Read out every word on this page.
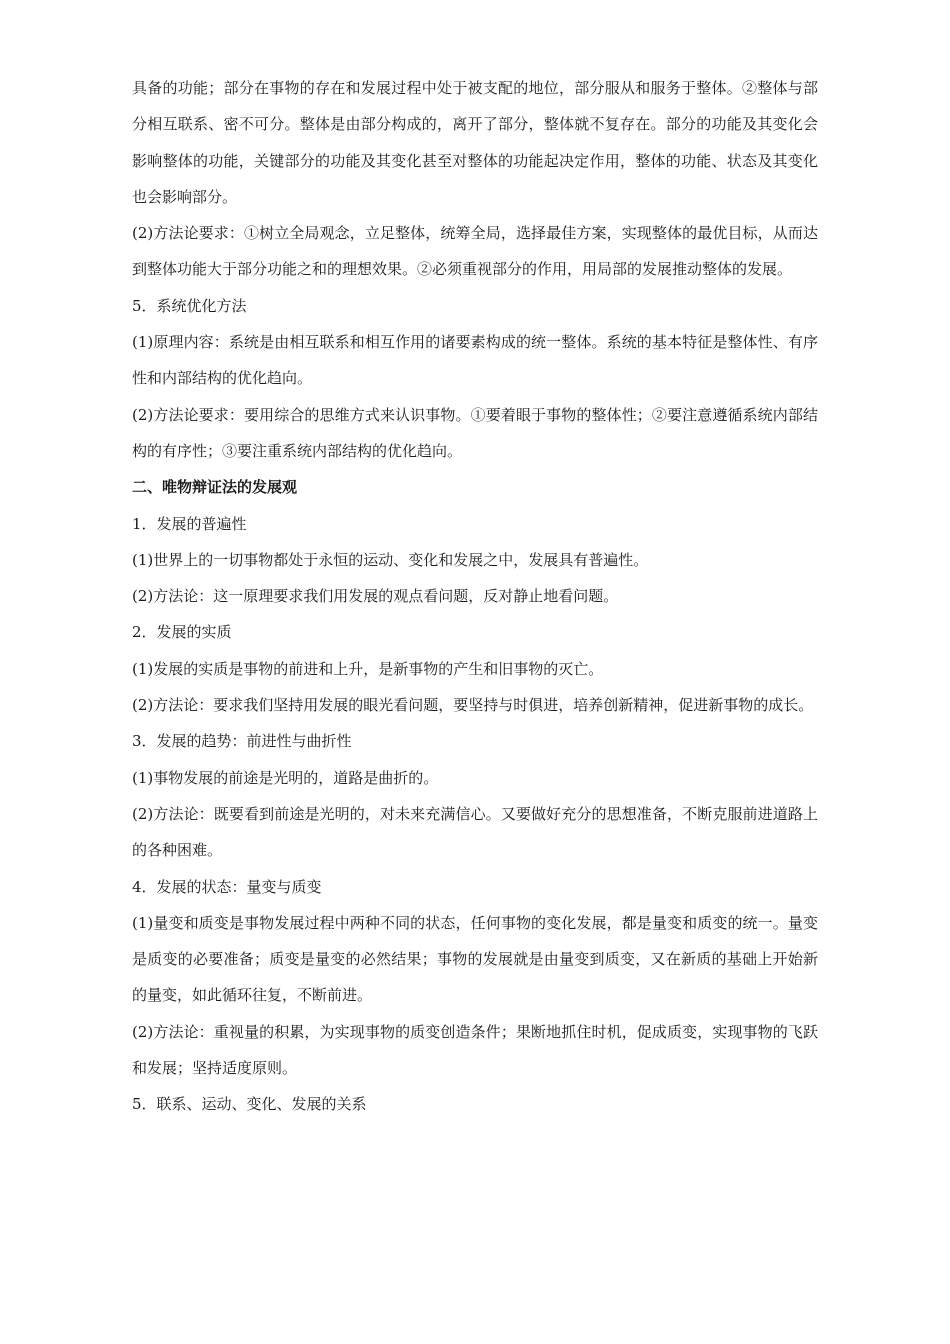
具备的功能；部分在事物的存在和发展过程中处于被支配的地位，部分服从和服务于整体。②整体与部分相互联系、密不可分。整体是由部分构成的，离开了部分，整体就不复存在。部分的功能及其变化会影响整体的功能，关键部分的功能及其变化甚至对整体的功能起决定作用，整体的功能、状态及其变化也会影响部分。

(2)方法论要求：①树立全局观念，立足整体，统筹全局，选择最佳方案，实现整体的最优目标，从而达到整体功能大于部分功能之和的理想效果。②必须重视部分的作用，用局部的发展推动整体的发展。

5．系统优化方法

(1)原理内容：系统是由相互联系和相互作用的诸要素构成的统一整体。系统的基本特征是整体性、有序性和内部结构的优化趋向。

(2)方法论要求：要用综合的思维方式来认识事物。①要着眼于事物的整体性；②要注意遵循系统内部结构的有序性；③要注重系统内部结构的优化趋向。

二、唯物辩证法的发展观

1．发展的普遍性

(1)世界上的一切事物都处于永恒的运动、变化和发展之中，发展具有普遍性。

(2)方法论：这一原理要求我们用发展的观点看问题，反对静止地看问题。

2．发展的实质

(1)发展的实质是事物的前进和上升，是新事物的产生和旧事物的灭亡。

(2)方法论：要求我们坚持用发展的眼光看问题，要坚持与时俱进，培养创新精神，促进新事物的成长。

3．发展的趋势：前进性与曲折性

(1)事物发展的前途是光明的，道路是曲折的。

(2)方法论：既要看到前途是光明的，对未来充满信心。又要做好充分的思想准备，不断克服前进道路上的各种困难。

4．发展的状态：量变与质变

(1)量变和质变是事物发展过程中两种不同的状态，任何事物的变化发展，都是量变和质变的统一。量变是质变的必要准备；质变是量变的必然结果；事物的发展就是由量变到质变，又在新质的基础上开始新的量变，如此循环往复，不断前进。

(2)方法论：重视量的积累，为实现事物的质变创造条件；果断地抓住时机，促成质变，实现事物的飞跃和发展；坚持适度原则。

5．联系、运动、变化、发展的关系
